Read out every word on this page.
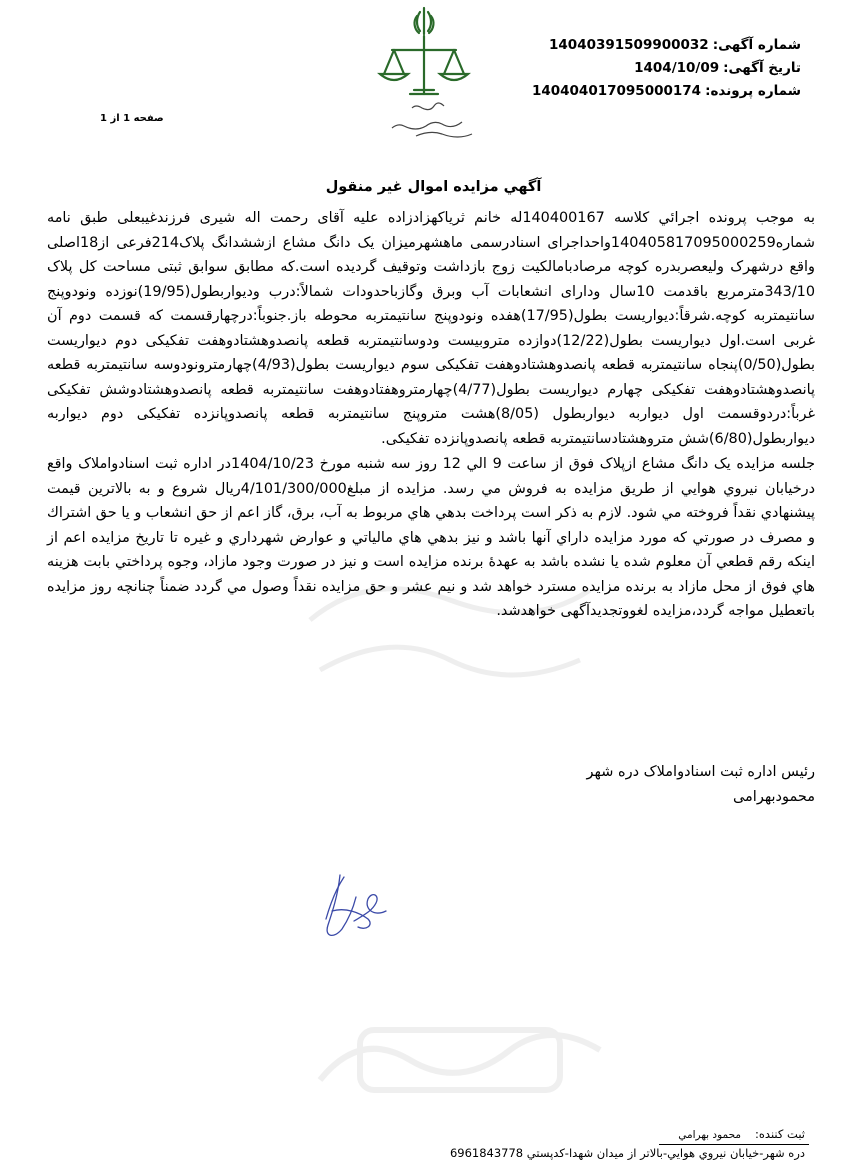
شماره آگهی:14040391509900032
تاریخ آگهی:1404/10/09
شماره پرونده:140404017095000174
صفحه 1 از 1
آگهي مزايده اموال غير منقول

به موجب پرونده اجرائي كلاسه 140400167له خانم ثرياكهزادزاده عليه آقای رحمت اله شيری فرزندغيبعلی طبق نامه شماره140405817095000259واحداجرای اسنادرسمی ماهشهرميزان يک دانگ مشاع ازششدانگ پلاک214فرعی از18اصلی واقع درشهرک وليعصربدره کوچه مرصادبامالکيت زوج بازداشت وتوقيف گرديده است.كه مطابق سوابق ثبتی مساحت كل پلاک 343/10مترمربع باقدمت 10سال ودارای انشعابات آب وبرق وگازباحدودات شمالاً:درب وديواربطول(19/95)نوزده ونودوپنج سانتيمتربه كوچه.شرقاً:ديواريست بطول(17/95)هفده ونودوپنج سانتيمتربه محوطه باز.جنوباً:درچهارقسمت كه قسمت دوم آن غربی است.اول ديواريست بطول(12/22)دوازده متروبيست ودوسانتيمتربه قطعه پانصدوهشتادوهفت تفكيكی دوم ديواريست بطول(0/50)پنجاه سانتيمتربه قطعه پانصدوهشتادوهفت تفكيكی سوم ديواريست بطول(4/93)چهارمترونودوسه سانتيمتربه قطعه پانصدوهشتادوهفت تفكيكی چهارم ديواريست بطول(4/77)چهارمتروهفتادوهفت سانتيمتربه قطعه پانصدوهشتادوشش تفكيكی غرباً:دردوقسمت اول ديواربه ديواربطول (8/05)هشت متروپنج سانتيمتربه قطعه پانصدوپانزده تفكيكی دوم ديواربه ديواربطول(6/80)شش متروهشتادسانتيمتربه قطعه پانصدوپانزده تفكيكی.

جلسه مزايده يک دانگ مشاع ازپلاک فوق از ساعت 9 الي 12 روز سه شنبه مورخ 1404/10/23در اداره ثبت اسنادواملاک واقع درخيابان نيروي هوايي از طريق مزايده به فروش مي رسد. مزايده از مبلغ4/101/300/000ريال شروع و به بالاترين قيمت پيشنهادي نقداً فروخته مي شود. لازم به ذكر است پرداخت بدهي هاي مربوط به آب، برق، گاز اعم از حق انشعاب و يا حق اشتراك و مصرف در صورتي كه مورد مزايده داراي آنها باشد و نيز بدهي هاي مالياتي و عوارض شهرداري و غيره تا تاريخ مزايده اعم از اينكه رقم قطعي آن معلوم شده يا نشده باشد به عهدۀ برنده مزايده است و نيز در صورت وجود مازاد، وجوه پرداختي بابت هزينه هاي فوق از محل مازاد به برنده مزايده مسترد خواهد شد و نيم عشر و حق مزايده نقداً وصول مي گردد ضمناً چنانچه روز مزايده باتعطيل مواجه گردد،مزايده لغووتجديدآگهی خواهدشد.

رئيس اداره ثبت اسنادواملاک دره شهر
محمودبهرامی
ثبت كننده:محمود بهرامي
دره شهر-خيابان نيروي هوايي-بالاتر از ميدان شهدا-كدپستي 6961843778
